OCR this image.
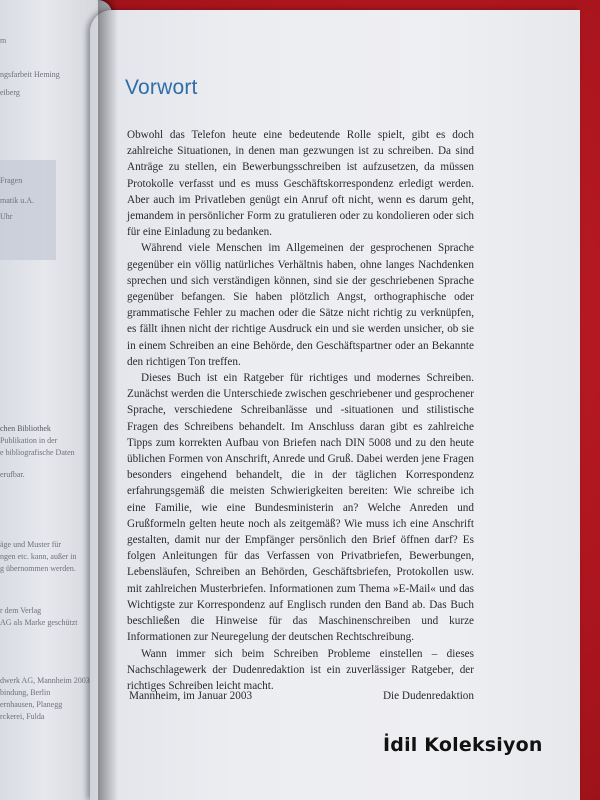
m
ngsfarbeit Heming
eiberg
Fragen
matik u.A.
Uhr
chen Bibliothek
Publikation in der
e bibliografische Daten
erufbar.
äge und Muster für
ngen etc. kann, außer in
g übernommen werden.
r dem Verlag
AG als Marke geschützt
dwerk AG, Mannheim 2003
bindung, Berlin
ernhausen, Planegg
rckerei, Fulda
Vorwort

Obwohl das Telefon heute eine bedeutende Rolle spielt, gibt es doch zahlreiche Situationen, in denen man gezwungen ist zu schreiben. Da sind Anträge zu stellen, ein Bewerbungsschreiben ist aufzusetzen, da müssen Protokolle verfasst und es muss Geschäftskorrespondenz erledigt werden. Aber auch im Privatleben genügt ein Anruf oft nicht, wenn es darum geht, jemandem in persönlicher Form zu gratulieren oder zu kondolieren oder sich für eine Einladung zu bedanken.

Während viele Menschen im Allgemeinen der gesprochenen Sprache gegenüber ein völlig natürliches Verhältnis haben, ohne langes Nachdenken sprechen und sich verständigen können, sind sie der geschriebenen Sprache gegenüber befangen. Sie haben plötzlich Angst, orthographische oder grammatische Fehler zu machen oder die Sätze nicht richtig zu verknüpfen, es fällt ihnen nicht der richtige Ausdruck ein und sie werden unsicher, ob sie in einem Schreiben an eine Behörde, den Geschäftspartner oder an Bekannte den richtigen Ton treffen.

Dieses Buch ist ein Ratgeber für richtiges und modernes Schreiben. Zunächst werden die Unterschiede zwischen geschriebener und gesprochener Sprache, verschiedene Schreibanlässe und -situationen und stilistische Fragen des Schreibens behandelt. Im Anschluss daran gibt es zahlreiche Tipps zum korrekten Aufbau von Briefen nach DIN 5008 und zu den heute üblichen Formen von Anschrift, Anrede und Gruß. Dabei werden jene Fragen besonders eingehend behandelt, die in der täglichen Korrespondenz erfahrungsgemäß die meisten Schwierigkeiten bereiten: Wie schreibe ich eine Familie, wie eine Bundesministerin an? Welche Anreden und Grußformeln gelten heute noch als zeitgemäß? Wie muss ich eine Anschrift gestalten, damit nur der Empfänger persönlich den Brief öffnen darf? Es folgen Anleitungen für das Verfassen von Privatbriefen, Bewerbungen, Lebensläufen, Schreiben an Behörden, Geschäftsbriefen, Protokollen usw. mit zahlreichen Musterbriefen. Informationen zum Thema »E-Mail« und das Wichtigste zur Korrespondenz auf Englisch runden den Band ab. Das Buch beschließen die Hinweise für das Maschinenschreiben und kurze Informationen zur Neuregelung der deutschen Rechtschreibung.

Wann immer sich beim Schreiben Probleme einstellen – dieses Nachschlagewerk der Dudenredaktion ist ein zuverlässiger Ratgeber, der richtiges Schreiben leicht macht.

Mannheim, im Januar 2003	Die Dudenredaktion
İdil Koleksiyon
